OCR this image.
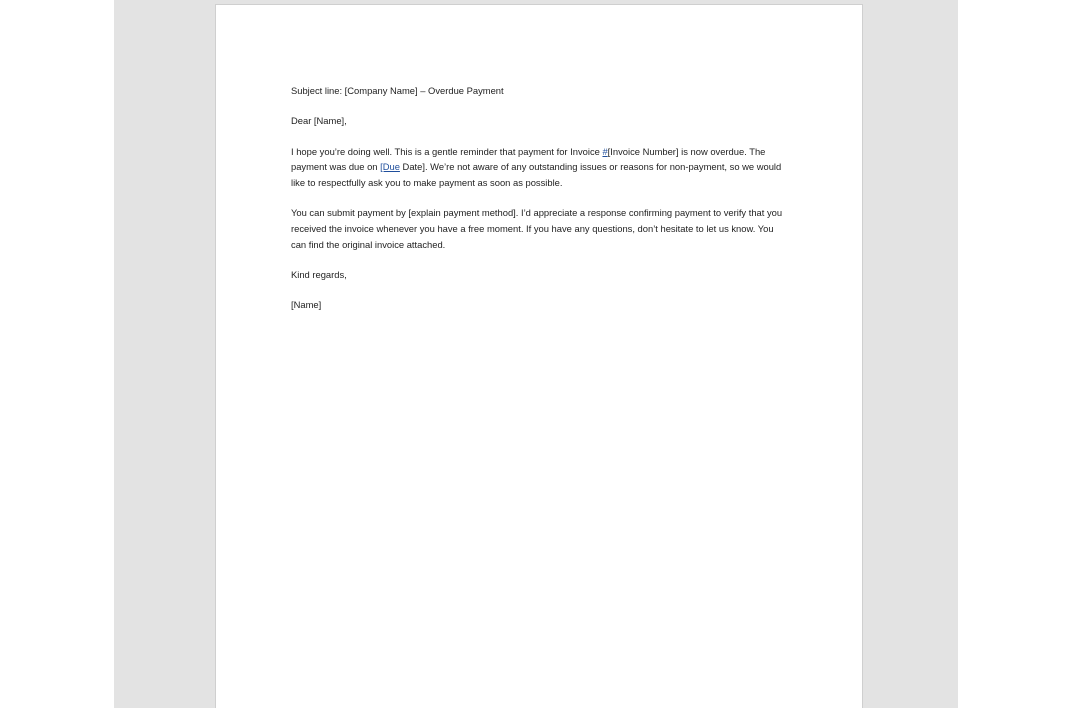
Subject line: [Company Name] – Overdue Payment

Dear [Name],

I hope you’re doing well. This is a gentle reminder that payment for Invoice #[Invoice Number] is now overdue. The payment was due on [Due Date]. We’re not aware of any outstanding issues or reasons for non-payment, so we would like to respectfully ask you to make payment as soon as possible.

You can submit payment by [explain payment method]. I’d appreciate a response confirming payment to verify that you received the invoice whenever you have a free moment. If you have any questions, don’t hesitate to let us know. You can find the original invoice attached.

Kind regards,

[Name]
